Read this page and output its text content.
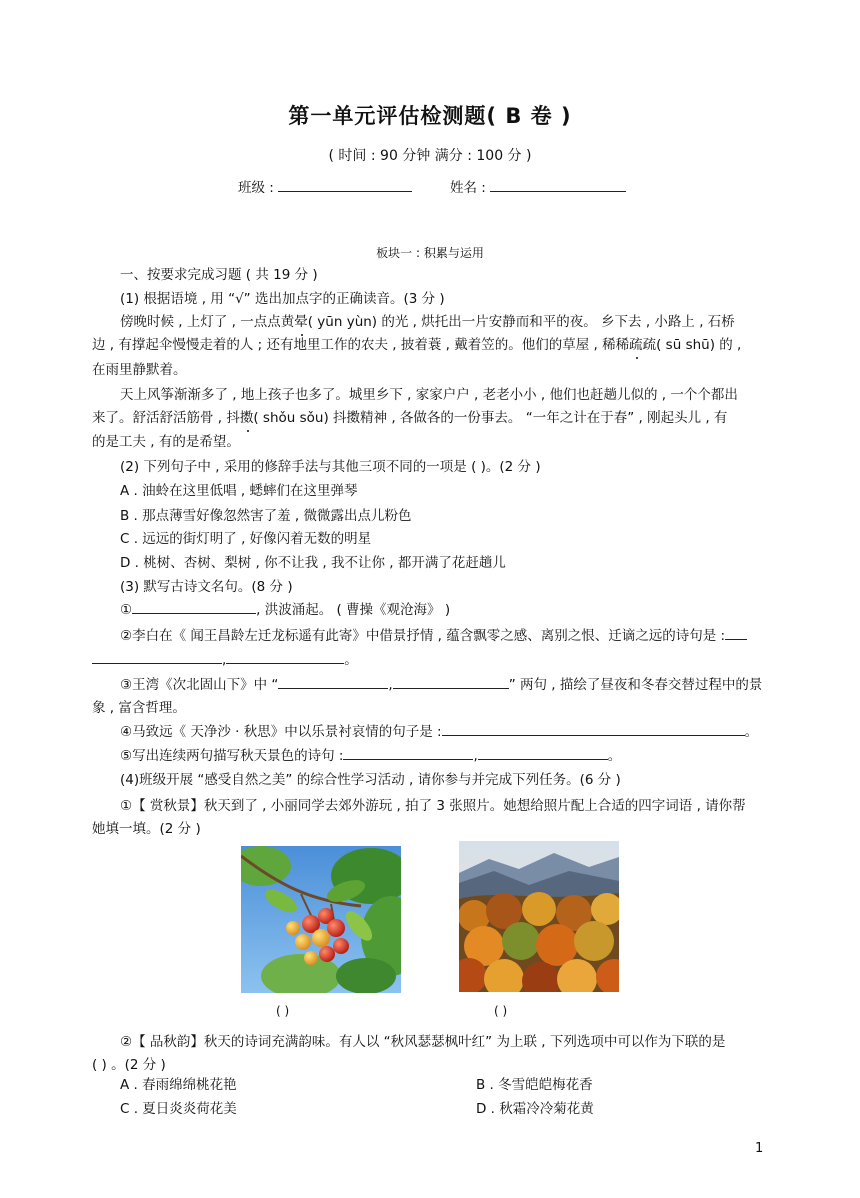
第一单元评估检测题( B 卷 )
( 时间 : 90 分钟 满分 : 100 分 )
班级 :	姓名 :
板块一 : 积累与运用
一、按要求完成习题 ( 共 19 分 )
(1) 根据语境 , 用 “√” 选出加点字的正确读音。(3 分 )
傍晚时候 , 上灯了 , 一点点黄晕( yūn yùn) 的光 , 烘托出一片安静而和平的夜。 乡下去 , 小路上 , 石桥
边 , 有撑起伞慢慢走着的人 ; 还有地里工作的农夫 , 披着蓑 , 戴着笠的。他们的草屋 , 稀稀疏疏( sū shū) 的 ,
在雨里静默着。
天上风筝渐渐多了 , 地上孩子也多了。城里乡下 , 家家户户 , 老老小小 , 他们也赶趟儿似的 , 一个个都出
来了。舒活舒活筋骨 , 抖擞( shǒu sǒu) 抖擞精神 , 各做各的一份事去。 “一年之计在于春” , 刚起头儿 , 有
的是工夫 , 有的是希望。
(2) 下列句子中 , 采用的修辞手法与其他三项不同的一项是 ( )。(2 分 )
A . 油蛉在这里低唱 , 蟋蟀们在这里弹琴
B . 那点薄雪好像忽然害了羞 , 微微露出点儿粉色
C . 远远的街灯明了 , 好像闪着无数的明星
D . 桃树、杏树、梨树 , 你不让我 , 我不让你 , 都开满了花赶趟儿
(3) 默写古诗文名句。(8 分 )
①	, 洪波涌起。 ( 曹操《观沧海》 )
②李白在《 闻王昌龄左迁龙标遥有此寄》中借景抒情 , 蕴含飘零之感、离别之恨、迁谪之远的诗句是 :
,	。
③王湾《次北固山下》中 “	,	” 两句 , 描绘了昼夜和冬春交替过程中的景
象 , 富含哲理。
④马致远《 天净沙 · 秋思》中以乐景衬哀情的句子是 :	。
⑤写出连续两句描写秋天景色的诗句 :	,	。
(4)班级开展 “感受自然之美” 的综合性学习活动 , 请你参与并完成下列任务。(6 分 )
①【 赏秋景】秋天到了 , 小丽同学去郊外游玩 , 拍了 3 张照片。她想给照片配上合适的四字词语 , 请你帮
她填一填。(2 分 )
( )	( )
②【 品秋韵】秋天的诗词充满韵味。有人以 “秋风瑟瑟枫叶红” 为上联 , 下列选项中可以作为下联的是
( ) 。(2 分 )
A . 春雨绵绵桃花艳	B . 冬雪皑皑梅花香
C . 夏日炎炎荷花美	D . 秋霜冷冷菊花黄
1
